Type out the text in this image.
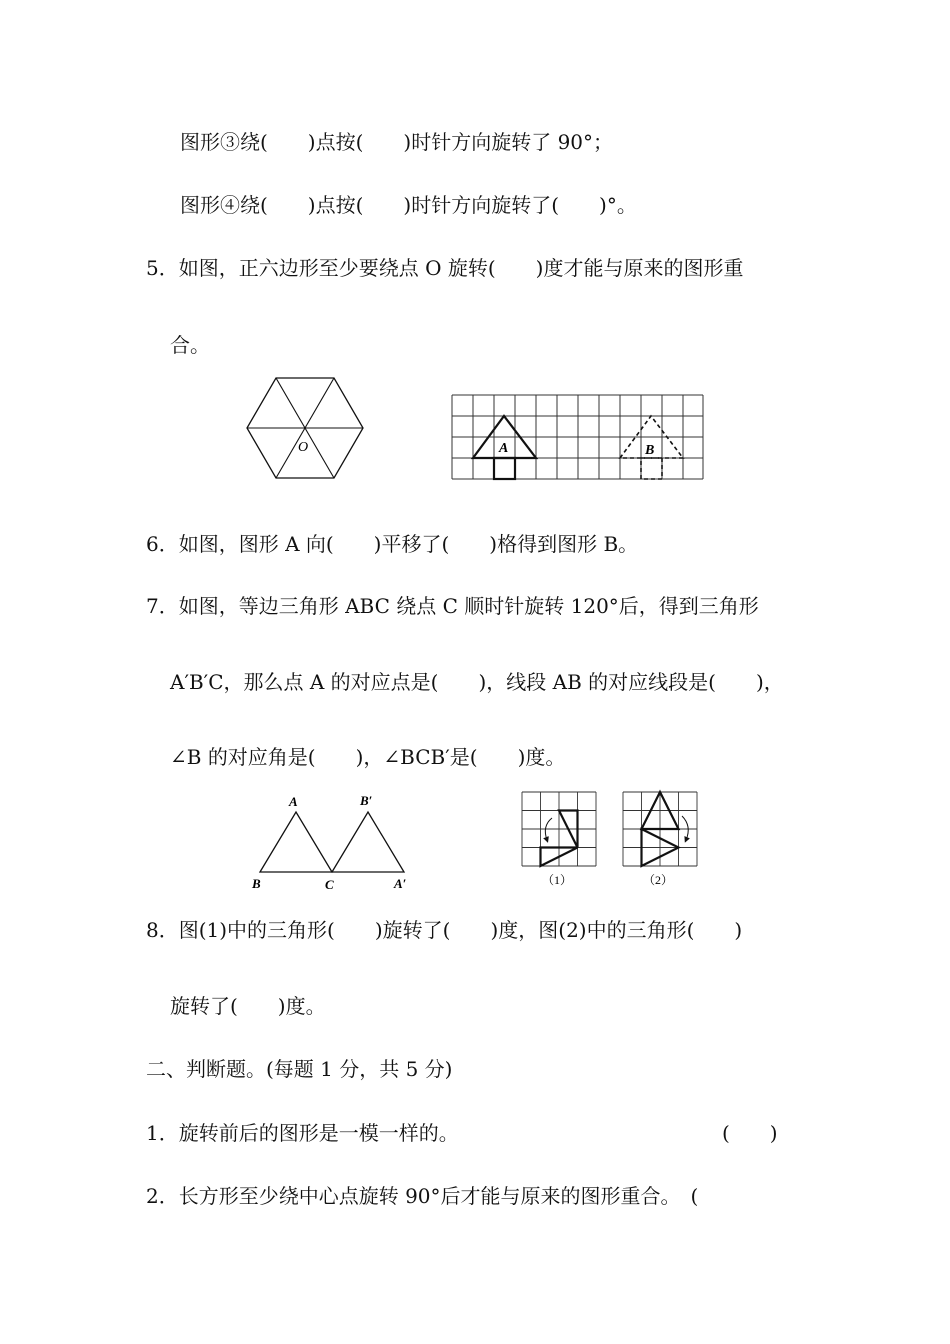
图形③绕(　　)点按(　　)时针方向旋转了 90°；
图形④绕(　　)点按(　　)时针方向旋转了(　　)°。
5．如图，正六边形至少要绕点 O 旋转(　　)度才能与原来的图形重
合。
O	A	B
6．如图，图形 A 向(　　)平移了(　　)格得到图形 B。
7．如图，等边三角形 ABC 绕点 C 顺时针旋转 120°后，得到三角形
A′B′C，那么点 A 的对应点是(　　)，线段 AB 的对应线段是(　　)，
∠B 的对应角是(　　)，∠BCB′是(　　)度。
A	B′
B	C	A′	（1）	（2）
8．图(1)中的三角形(　　)旋转了(　　)度，图(2)中的三角形(　　)
旋转了(　　)度。
二、判断题。(每题 1 分，共 5 分)
1．旋转前后的图形是一模一样的。	(　　)
2．长方形至少绕中心点旋转 90°后才能与原来的图形重合。　(
